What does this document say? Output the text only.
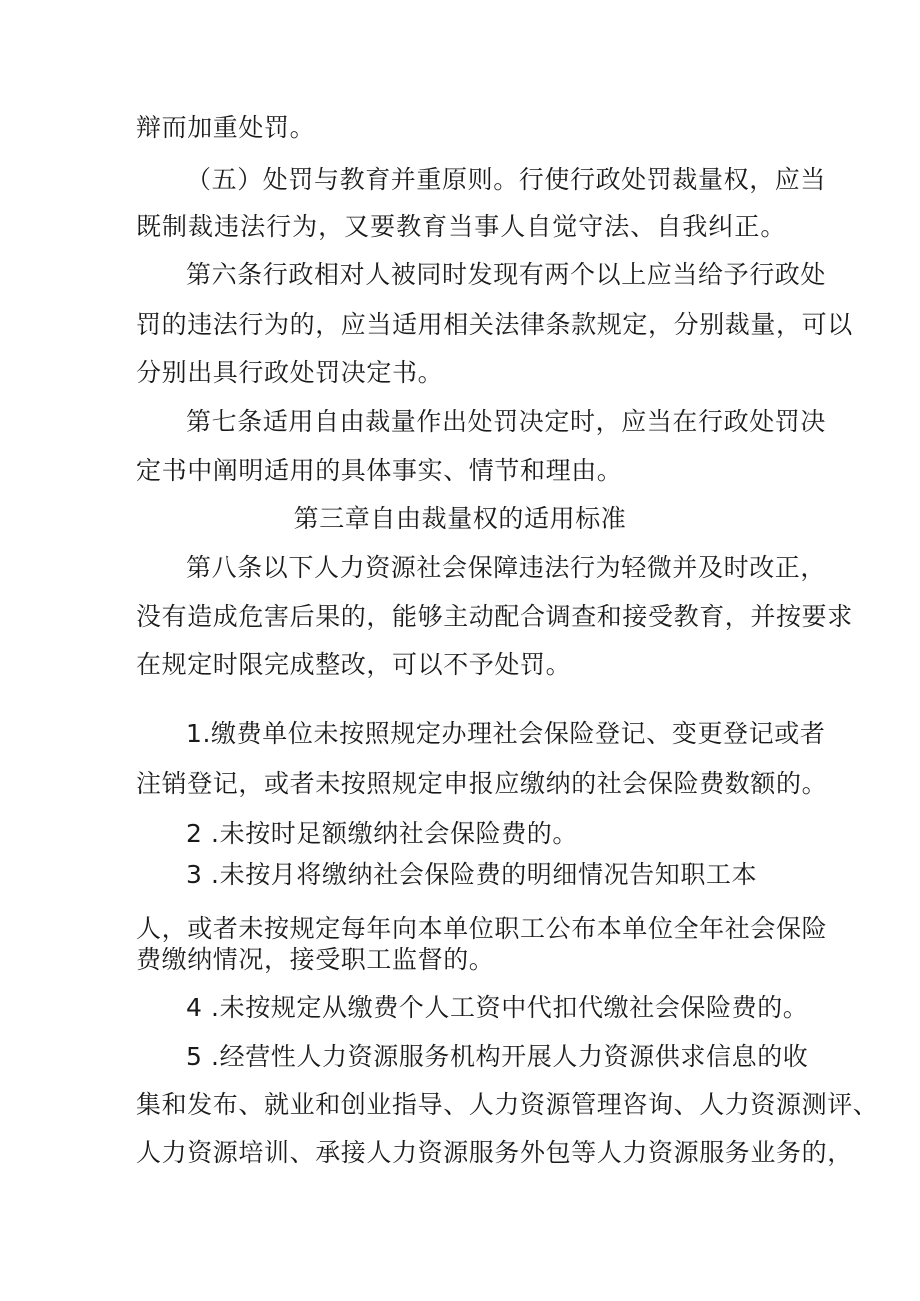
辩而加重处罚。

（五）处罚与教育并重原则。行使行政处罚裁量权，应当

既制裁违法行为，又要教育当事人自觉守法、自我纠正。

第六条行政相对人被同时发现有两个以上应当给予行政处

罚的违法行为的，应当适用相关法律条款规定，分别裁量，可以

分别出具行政处罚决定书。

第七条适用自由裁量作出处罚决定时，应当在行政处罚决

定书中阐明适用的具体事实、情节和理由。

第三章自由裁量权的适用标准

第八条以下人力资源社会保障违法行为轻微并及时改正，

没有造成危害后果的，能够主动配合调查和接受教育，并按要求

在规定时限完成整改，可以不予处罚。

1.缴费单位未按照规定办理社会保险登记、变更登记或者

注销登记，或者未按照规定申报应缴纳的社会保险费数额的。

2 .未按时足额缴纳社会保险费的。

3 .未按月将缴纳社会保险费的明细情况告知职工本

人，或者未按规定每年向本单位职工公布本单位全年社会保险

费缴纳情况，接受职工监督的。

4 .未按规定从缴费个人工资中代扣代缴社会保险费的。

5 .经营性人力资源服务机构开展人力资源供求信息的收

集和发布、就业和创业指导、人力资源管理咨询、人力资源测评、

人力资源培训、承接人力资源服务外包等人力资源服务业务的，
